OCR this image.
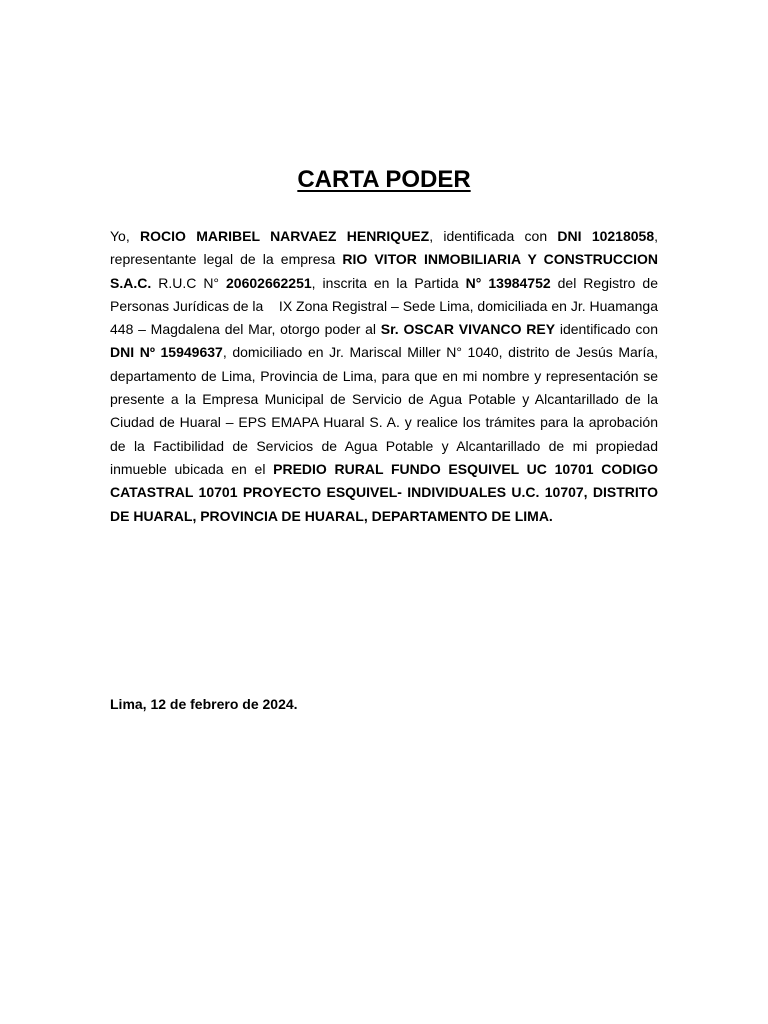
CARTA PODER

Yo, ROCIO MARIBEL NARVAEZ HENRIQUEZ, identificada con DNI 10218058, representante legal de la empresa RIO VITOR INMOBILIARIA Y CONSTRUCCION S.A.C. R.U.C N° 20602662251, inscrita en la Partida N° 13984752 del Registro de Personas Jurídicas de la    IX Zona Registral – Sede Lima, domiciliada en Jr. Huamanga 448 – Magdalena del Mar, otorgo poder al Sr. OSCAR VIVANCO REY identificado con DNI Nº 15949637, domiciliado en Jr. Mariscal Miller N° 1040, distrito de Jesús María, departamento de Lima, Provincia de Lima, para que en mi nombre y representación se presente a la Empresa Municipal de Servicio de Agua Potable y Alcantarillado de la Ciudad de Huaral – EPS EMAPA Huaral S. A. y realice los trámites para la aprobación de la Factibilidad de Servicios de Agua Potable y Alcantarillado de mi propiedad inmueble ubicada en el PREDIO RURAL FUNDO ESQUIVEL UC 10701 CODIGO CATASTRAL 10701 PROYECTO ESQUIVEL- INDIVIDUALES U.C. 10707, DISTRITO DE HUARAL, PROVINCIA DE HUARAL, DEPARTAMENTO DE LIMA.

Lima, 12 de febrero de 2024.
